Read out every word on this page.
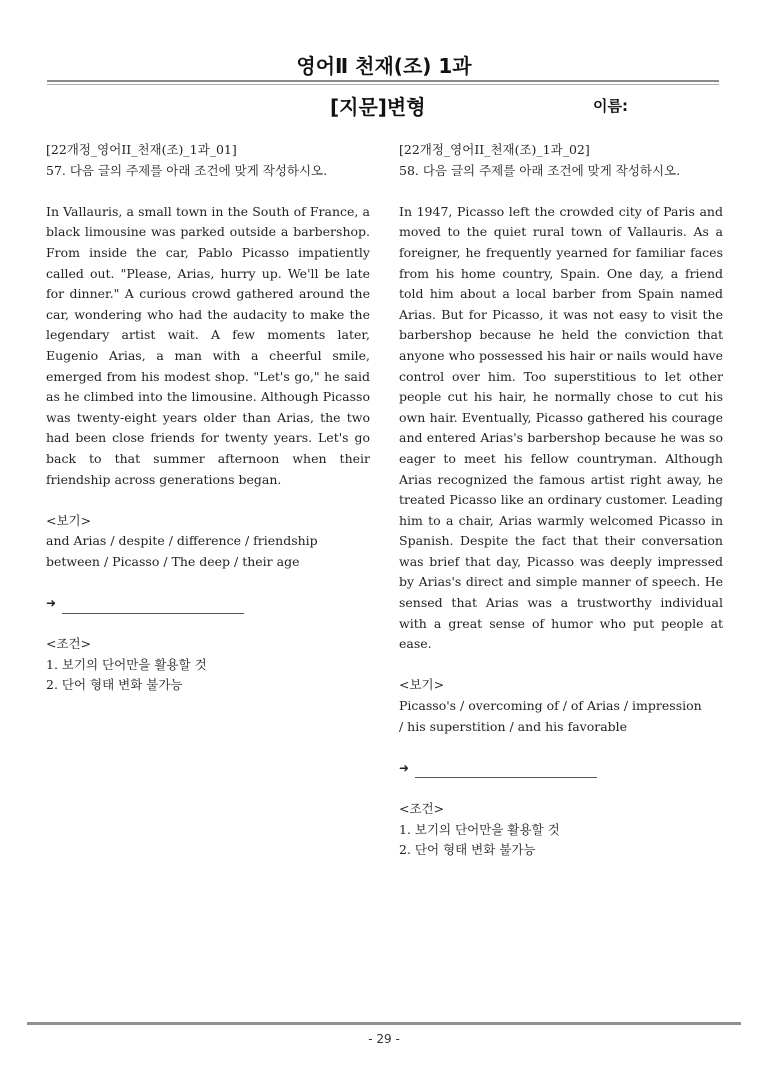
영어Ⅱ 천재(조) 1과
[지문]변형	이름:

[22개정_영어II_천재(조)_1과_01]

57. 다음 글의 주제를 아래 조건에 맞게 작성하시오.

In Vallauris, a small town in the South of France, a black limousine was parked outside a barbershop. From inside the car, Pablo Picasso impatiently called out. "Please, Arias, hurry up. We'll be late for dinner." A curious crowd gathered around the car, wondering who had the audacity to make the legendary artist wait. A few moments later, Eugenio Arias, a man with a cheerful smile, emerged from his modest shop. "Let's go," he said as he climbed into the limousine. Although Picasso was twenty-eight years older than Arias, the two had been close friends for twenty years. Let's go back to that summer afternoon when their friendship across generations began.

<보기>

and Arias / despite / difference / friendship

between / Picasso / The deep / their age

➜

<조건>

1. 보기의 단어만을 활용할 것

2. 단어 형태 변화 불가능

[22개정_영어II_천재(조)_1과_02]

58. 다음 글의 주제를 아래 조건에 맞게 작성하시오.

In 1947, Picasso left the crowded city of Paris and moved to the quiet rural town of Vallauris. As a foreigner, he frequently yearned for familiar faces from his home country, Spain. One day, a friend told him about a local barber from Spain named Arias. But for Picasso, it was not easy to visit the barbershop because he held the conviction that anyone who possessed his hair or nails would have control over him. Too superstitious to let other people cut his hair, he normally chose to cut his own hair. Eventually, Picasso gathered his courage and entered Arias's barbershop because he was so eager to meet his fellow countryman. Although Arias recognized the famous artist right away, he treated Picasso like an ordinary customer. Leading him to a chair, Arias warmly welcomed Picasso in Spanish. Despite the fact that their conversation was brief that day, Picasso was deeply impressed by Arias's direct and simple manner of speech. He sensed that Arias was a trustworthy individual with a great sense of humor who put people at ease.

<보기>

Picasso's / overcoming of / of Arias / impression

/ his superstition / and his favorable

➜

<조건>

1. 보기의 단어만을 활용할 것

2. 단어 형태 변화 불가능

- 29 -
